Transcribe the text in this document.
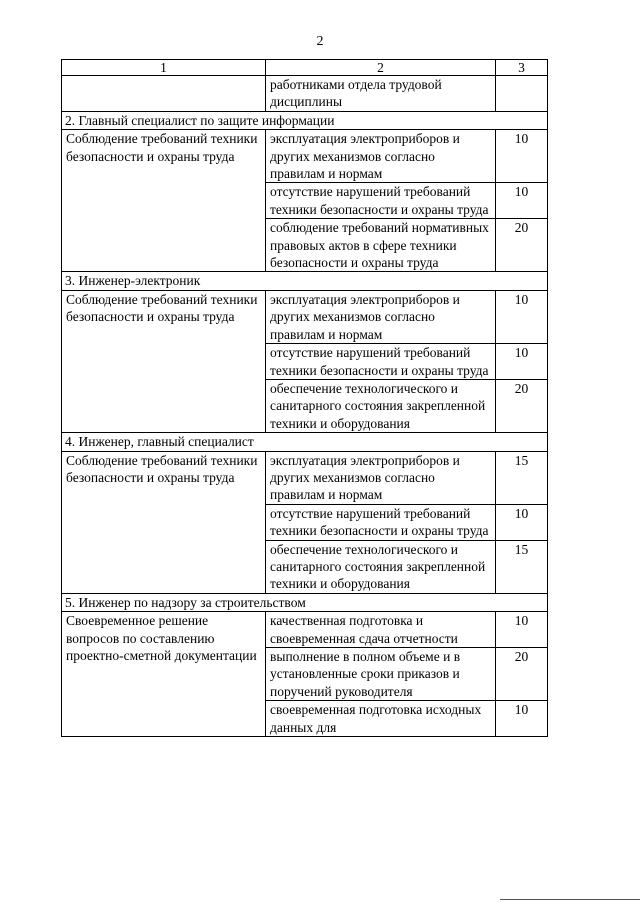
2
1	2	3
	работниками отдела трудовой дисциплины	
2. Главный специалист по защите информации		
Соблюдение требований техники безопасности и охраны труда	эксплуатация электроприборов и других механизмов согласно правилам и нормам	10
	отсутствие нарушений требований техники безопасности и охраны труда	10
	соблюдение требований нормативных правовых актов в сфере техники безопасности и охраны труда	20
3. Инженер-электроник		
Соблюдение требований техники безопасности и охраны труда	эксплуатация электроприборов и других механизмов согласно правилам и нормам	10
	отсутствие нарушений требований техники безопасности и охраны труда	10
	обеспечение технологического и санитарного состояния закрепленной техники и оборудования	20
4. Инженер, главный специалист		
Соблюдение требований техники безопасности и охраны труда	эксплуатация электроприборов и других механизмов согласно правилам и нормам	15
	отсутствие нарушений требований техники безопасности и охраны труда	10
	обеспечение технологического и санитарного состояния закрепленной техники и оборудования	15
5. Инженер по надзору за строительством		
Своевременное решение вопросов по составлению проектно-сметной документации	качественная подготовка и своевременная сдача отчетности	10
	выполнение в полном объеме и в установленные сроки приказов и поручений руководителя	20
	своевременная подготовка исходных данных для	10
